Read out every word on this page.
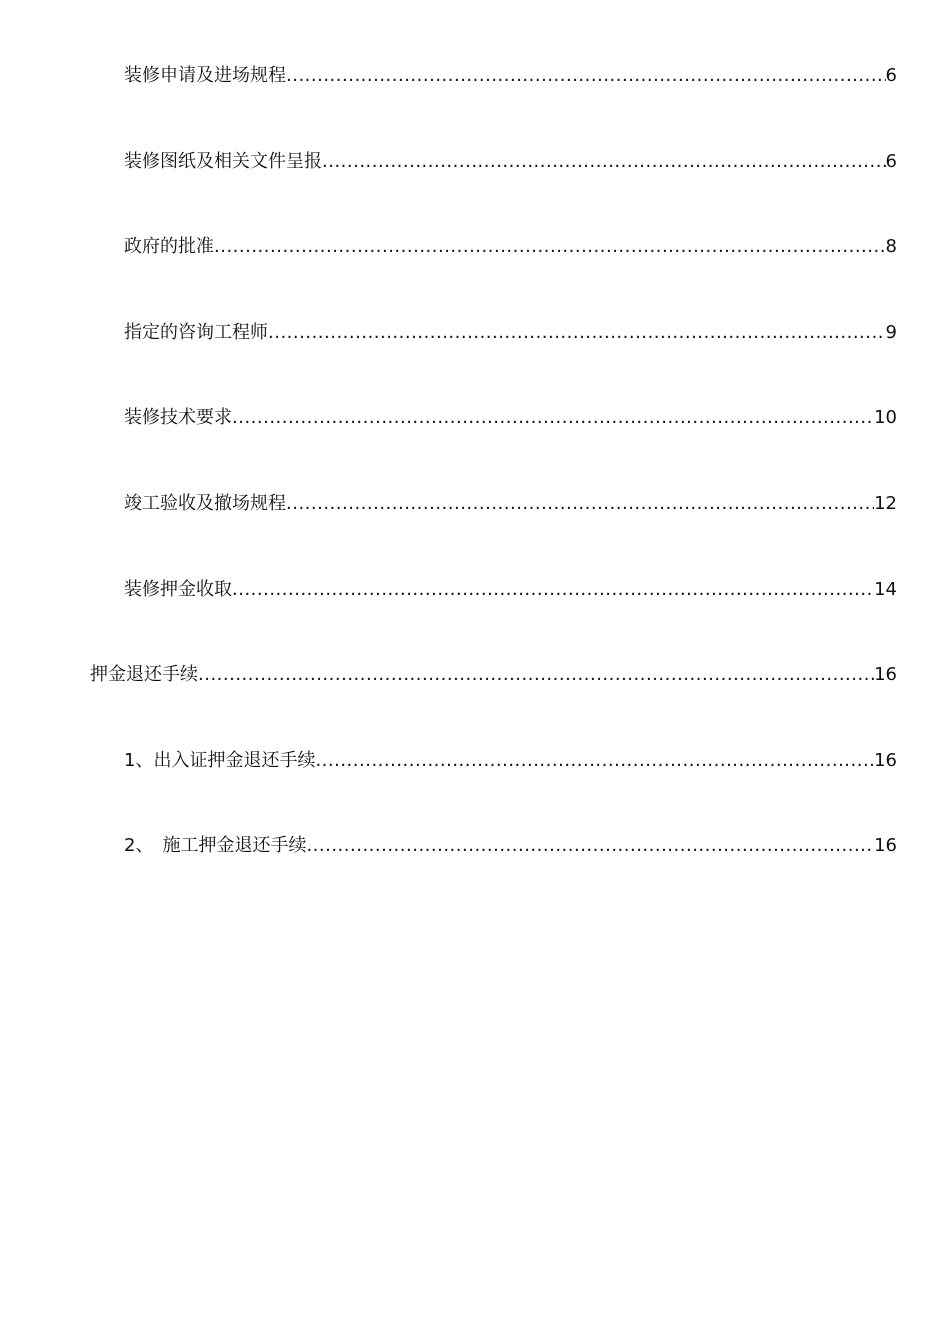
装修申请及进场规程 .....	6
装修图纸及相关文件呈报 .....	6
政府的批准 .....	8
指定的咨询工程师 .....	9
装修技术要求 .....	10
竣工验收及撤场规程 .....	12
装修押金收取 .....	14
押金退还手续 .....	16
1、出入证押金退还手续 .....	16
2、　施工押金退还手续 .....	16
